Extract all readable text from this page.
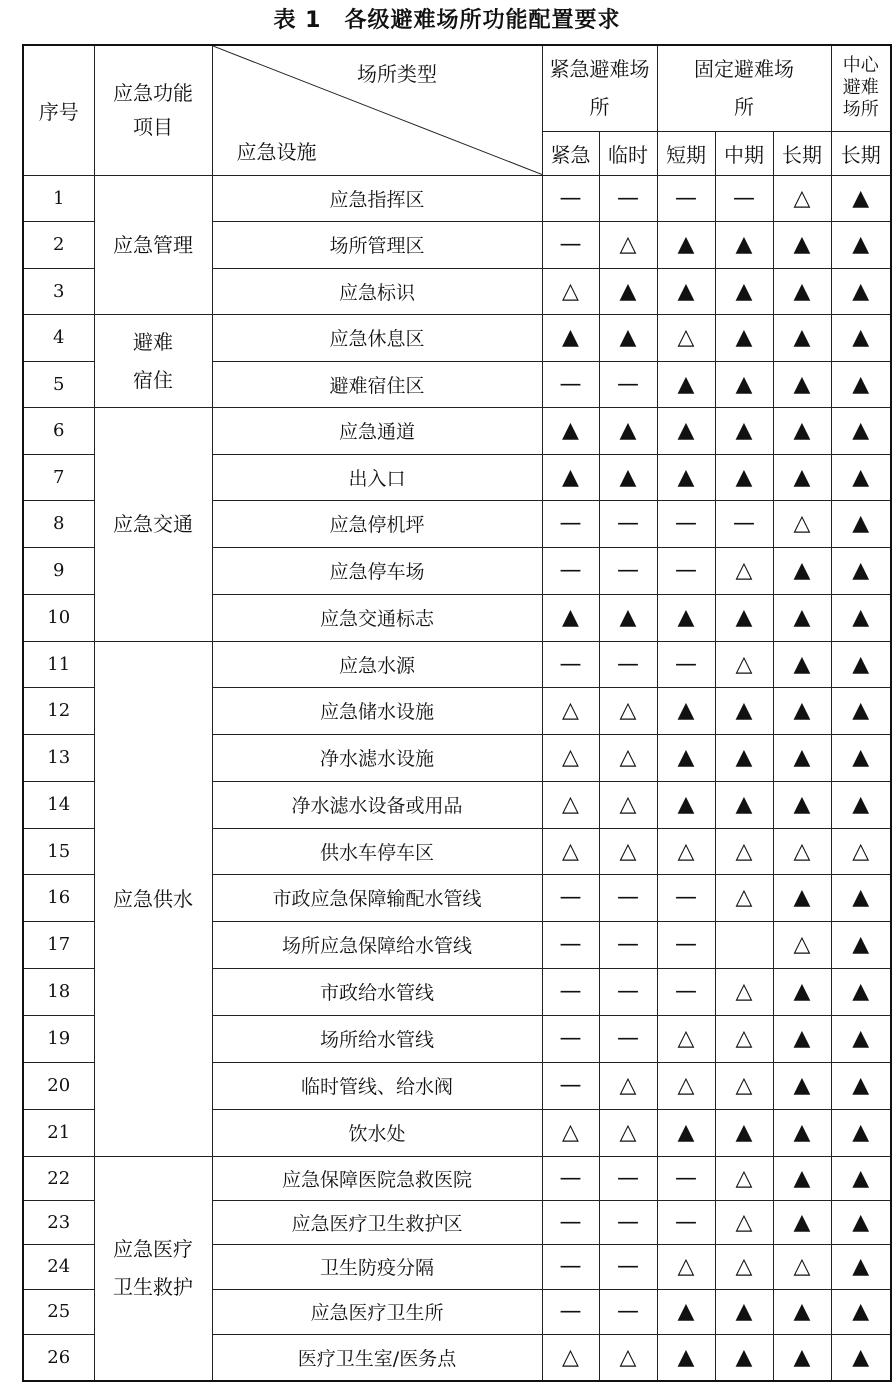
表 1　各级避难场所功能配置要求
序号	应急功能项目	场所类型
应急设施	紧急避难场所		固定避难场所			中心避难场所
			紧急	临时	短期	中期	长期	长期
1	应急管理	应急指挥区	—	—	—	—	△	▲
2		场所管理区	—	△	▲	▲	▲	▲
3		应急标识	△	▲	▲	▲	▲	▲
4	避难宿住	应急休息区	▲	▲	△	▲	▲	▲
5		避难宿住区	—	—	▲	▲	▲	▲
6	应急交通	应急通道	▲	▲	▲	▲	▲	▲
7		出入口	▲	▲	▲	▲	▲	▲
8		应急停机坪	—	—	—	—	△	▲
9		应急停车场	—	—	—	△	▲	▲
10		应急交通标志	▲	▲	▲	▲	▲	▲
11	应急供水	应急水源	—	—	—	△	▲	▲
12		应急储水设施	△	△	▲	▲	▲	▲
13		净水滤水设施	△	△	▲	▲	▲	▲
14		净水滤水设备或用品	△	△	▲	▲	▲	▲
15		供水车停车区	△	△	△	△	△	△
16		市政应急保障输配水管线	—	—	—	△	▲	▲
17		场所应急保障给水管线	—	—	—		△	▲
18		市政给水管线	—	—	—	△	▲	▲
19		场所给水管线	—	—	△	△	▲	▲
20		临时管线、给水阀	—	△	△	△	▲	▲
21		饮水处	△	△	▲	▲	▲	▲
22	应急医疗卫生救护	应急保障医院急救医院	—	—	—	△	▲	▲
23		应急医疗卫生救护区	—	—	—	△	▲	▲
24		卫生防疫分隔	—	—	△	△	△	▲
25		应急医疗卫生所	—	—	▲	▲	▲	▲
26		医疗卫生室/医务点	△	△	▲	▲	▲	▲
